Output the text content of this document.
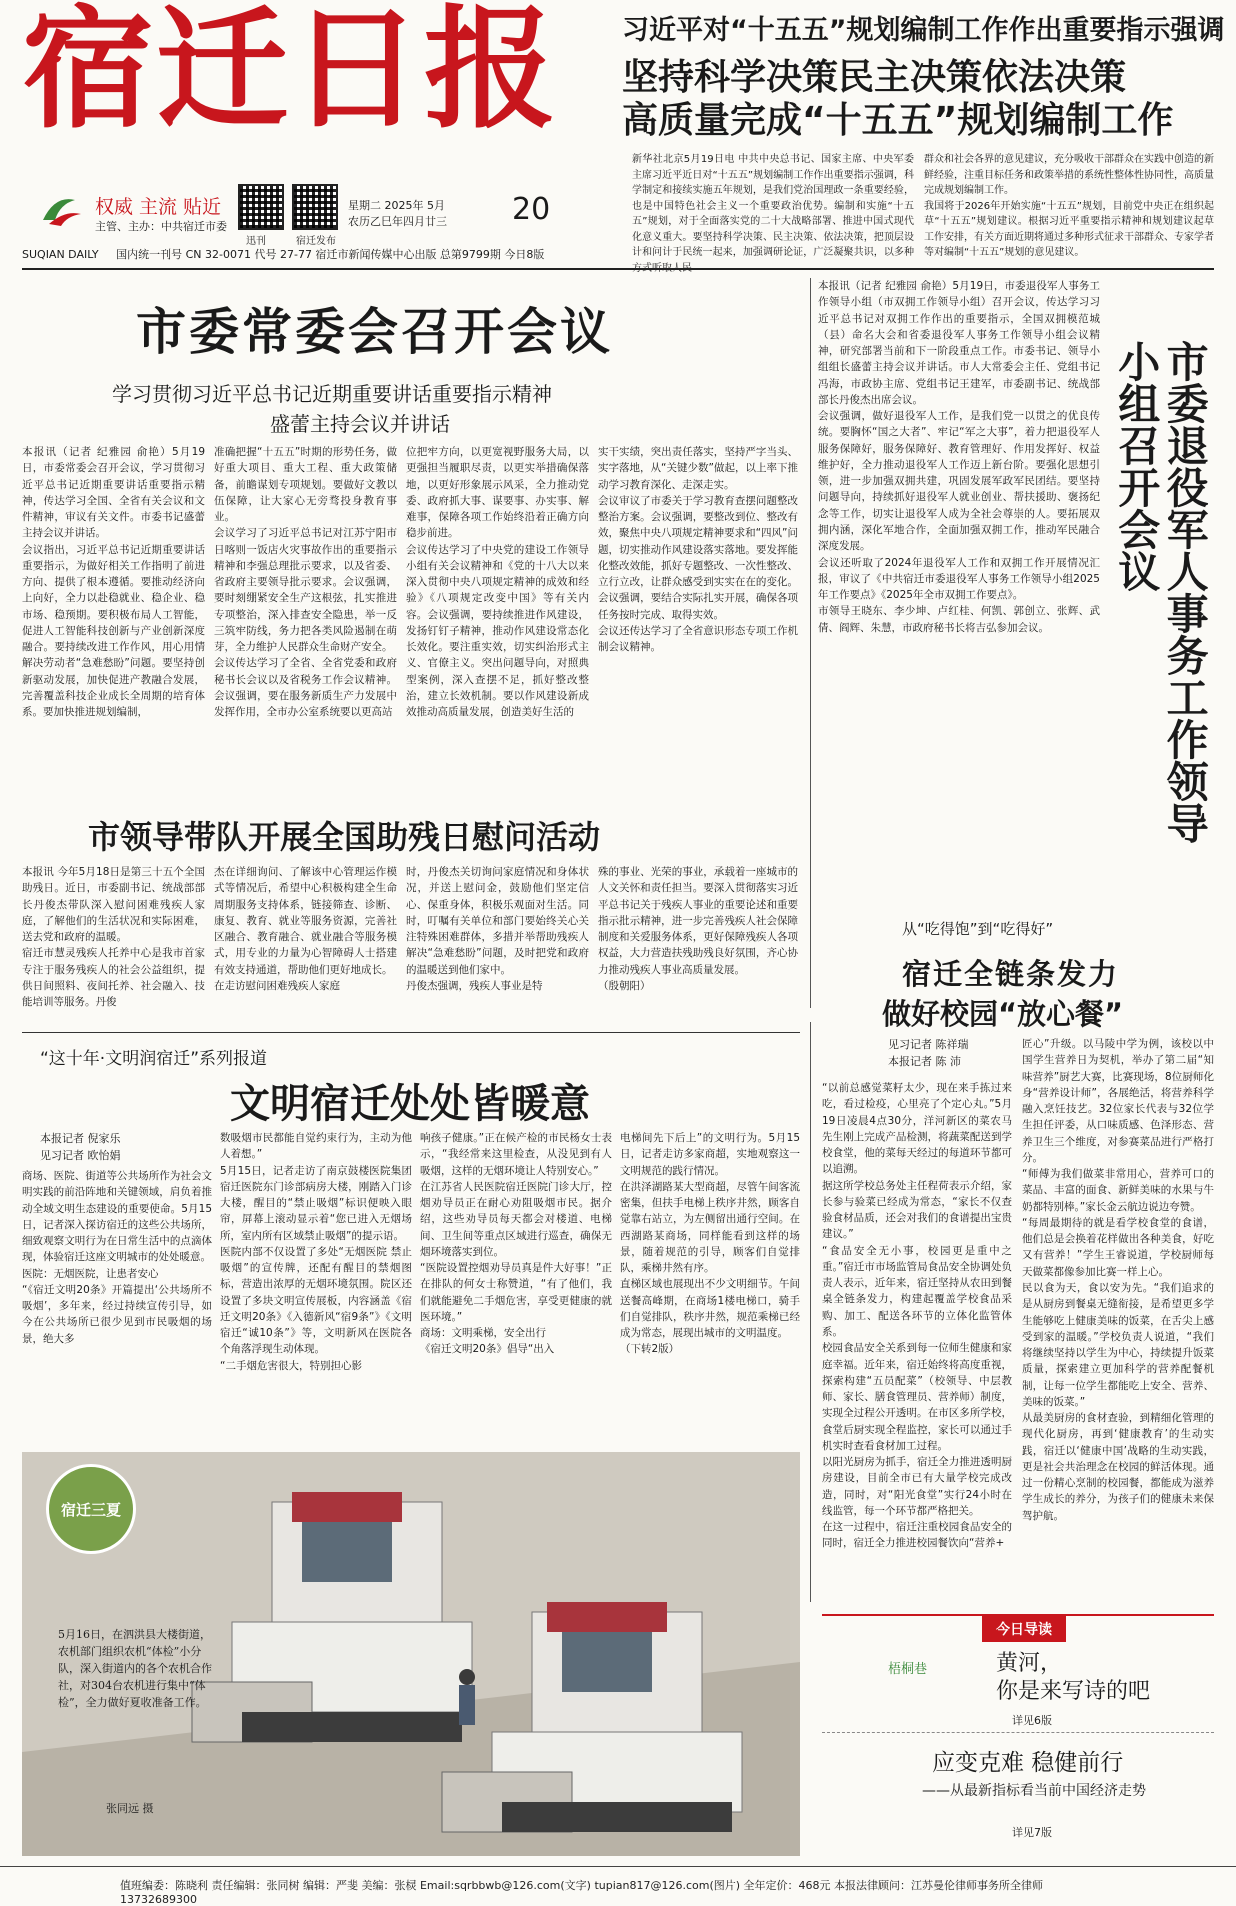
宿迁日报 习近平对“十五五”规划编制工作作出重要指示强调
坚持科学决策民主决策依法决策
高质量完成“十五五”规划编制工作
权威 主流 贴近
主管、主办：中共宿迁市委
迅刊	宿迁发布
星期二 2025年 5月
农历乙巳年四月廿三 20
SUQIAN DAILY 国内统一刊号 CN 32-0071 代号 27-77 宿迁市新闻传媒中心出版 总第9799期 今日8版
新华社北京5月19日电 中共中央总书记、国家主席、中央军委主席习近平近日对“十五五”规划编制工作作出重要指示强调，科学制定和接续实施五年规划，是我们党治国理政一条重要经验，也是中国特色社会主义一个重要政治优势。编制和实施“十五五”规划，对于全面落实党的二十大战略部署、推进中国式现代化意义重大。要坚持科学决策、民主决策、依法决策，把顶层设计和问计于民统一起来，加强调研论证，广泛凝聚共识，以多种方式听取人民
群众和社会各界的意见建议，充分吸收干部群众在实践中创造的新鲜经验，注重目标任务和政策举措的系统性整体性协同性，高质量完成规划编制工作。
我国将于2026年开始实施“十五五”规划，目前党中央正在组织起草“十五五”规划建议。根据习近平重要指示精神和规划建议起草工作安排，有关方面近期将通过多种形式征求干部群众、专家学者等对编制“十五五”规划的意见建议。
市委常委会召开会议
学习贯彻习近平总书记近期重要讲话重要指示精神
盛蕾主持会议并讲话
本报讯（记者 纪雅园 俞艳）5月19日，市委常委会召开会议，学习贯彻习近平总书记近期重要讲话重要指示精神，传达学习全国、全省有关会议和文件精神，审议有关文件。市委书记盛蕾主持会议并讲话。
会议指出，习近平总书记近期重要讲话重要指示，为做好相关工作指明了前进方向、提供了根本遵循。要推动经济向上向好，全力以赴稳就业、稳企业、稳市场、稳预期。要积极布局人工智能，促进人工智能科技创新与产业创新深度融合。要持续改进工作作风，用心用情解决劳动者“急难愁盼”问题。要坚持创新驱动发展，加快促进产教融合发展，完善覆盖科技企业成长全周期的培育体系。要加快推进规划编制，
准确把握“十五五”时期的形势任务，做好重大项目、重大工程、重大政策储备，前瞻谋划专项规划。要做好文教以伍保障，让大家心无旁骛投身教育事业。
会议学习了习近平总书记对江苏宁阳市日喀则一饭店火灾事故作出的重要指示精神和李强总理批示要求，以及省委、省政府主要领导批示要求。会议强调，要时刻绷紧安全生产这根弦，扎实推进专项整治，深入排查安全隐患，举一反三筑牢防线，务力把各类风险遏制在萌芽，全力维护人民群众生命财产安全。
会议传达学习了全省、全省党委和政府秘书长会议以及省税务工作会议精神。会议强调，要在服务新质生产力发展中发挥作用，全市办公室系统要以更高站
位把牢方向，以更宽视野服务大局，以更强担当履职尽责，以更实举措确保落地，以更好形象展示风采，全力推动党委、政府抓大事、谋要事、办实事、解难事，保障各项工作始终沿着正确方向稳步前进。
会议传达学习了中央党的建设工作领导小组有关会议精神和《党的十八大以来深入贯彻中央八项规定精神的成效和经验》《八项规定改变中国》等有关内容。会议强调，要持续推进作风建设，发扬钉钉子精神，推动作风建设常态化长效化。要注重实效，切实纠治形式主义、官僚主义。突出问题导向，对照典型案例，深入查摆不足，抓好整改整治，建立长效机制。要以作风建设新成效推动高质量发展，创造美好生活的
实干实绩，突出责任落实，坚持严字当头、实字落地，从“关键少数”做起，以上率下推动学习教育深化、走深走实。
会议审议了市委关于学习教育查摆问题整改整治方案。会议强调，要整改到位、整改有效，聚焦中央八项规定精神要求和“四风”问题，切实推动作风建设落实落地。要发挥能化整改效能，抓好专题整改、一次性整改、立行立改，让群众感受到实实在在的变化。会议强调，要结合实际扎实开展，确保各项任务按时完成、取得实效。
会议还传达学习了全省意识形态专项工作机制会议精神。
本报讯（记者 纪雅园 俞艳）5月19日，市委退役军人事务工作领导小组（市双拥工作领导小组）召开会议，传达学习习近平总书记对双拥工作作出的重要指示，全国双拥模范城（县）命名大会和省委退役军人事务工作领导小组会议精神，研究部署当前和下一阶段重点工作。市委书记、领导小组组长盛蕾主持会议并讲话。市人大常委会主任、党组书记冯海，市政协主席、党组书记王建军，市委副书记、统战部部长丹俊杰出席会议。
会议强调，做好退役军人工作，是我们党一以贯之的优良传统。要胸怀“国之大者”、牢记“军之大事”，着力把退役军人服务保障好，服务保障好、教育管理好、作用发挥好、权益维护好，全力推动退役军人工作迈上新台阶。要强化思想引领，进一步加强双拥共建，巩固发展军政军民团结。要坚持问题导向，持续抓好退役军人就业创业、帮扶援助、褒扬纪念等工作，切实让退役军人成为全社会尊崇的人。要拓展双拥内涵，深化军地合作，全面加强双拥工作，推动军民融合深度发展。
会议还听取了2024年退役军人工作和双拥工作开展情况汇报，审议了《中共宿迁市委退役军人事务工作领导小组2025年工作要点》《2025年全市双拥工作要点》。
市领导王晓东、李少坤、卢红桂、何凯、郭创立、张辉、武倩、阎辉、朱慧，市政府秘书长将吉弘参加会议。	市委退役军人事务工作领导小组召开会议
市领导带队开展全国助残日慰问活动
本报讯 今年5月18日是第三十五个全国助残日。近日，市委副书记、统战部部长丹俊杰带队深入慰问困难残疾人家庭，了解他们的生活状况和实际困难，送去党和政府的温暖。
宿迁市慧灵残疾人托养中心是我市首家专注于服务残疾人的社会公益组织，提供日间照料、夜间托养、社会融入、技能培训等服务。丹俊
杰在详细询问、了解该中心管理运作模式等情况后，希望中心积极构建全生命周期服务支持体系，链接筛查、诊断、康复、教育、就业等服务资源，完善社区融合、教育融合、就业融合等服务模式，用专业的力量为心智障碍人士搭建有效支持通道，帮助他们更好地成长。
在走访慰问困难残疾人家庭
时，丹俊杰关切询问家庭情况和身体状况，并送上慰问金，鼓励他们坚定信心、保重身体，积极乐观面对生活。同时，叮嘱有关单位和部门要始终关心关注特殊困难群体，多措并举帮助残疾人解决“急难愁盼”问题，及时把党和政府的温暖送到他们家中。
丹俊杰强调，残疾人事业是特
殊的事业、光荣的事业，承载着一座城市的人文关怀和责任担当。要深入贯彻落实习近平总书记关于残疾人事业的重要论述和重要指示批示精神，进一步完善残疾人社会保障制度和关爱服务体系，更好保障残疾人各项权益，大力营造扶残助残良好氛围，齐心协力推动残疾人事业高质量发展。
（殷朝阳）
“这十年·文明润宿迁”系列报道
文明宿迁处处皆暖意
本报记者 倪家乐
见习记者 欧怡娟
商场、医院、街道等公共场所作为社会文明实践的前沿阵地和关键领域，肩负着推动全域文明生态建设的重要使命。5月15日，记者深入探访宿迁的这些公共场所，细致观察文明行为在日常生活中的点滴体现，体验宿迁这座文明城市的处处暖意。
医院：无烟医院，让患者安心
“《宿迁文明20条》开篇提出‘公共场所不吸烟’，多年来，经过持续宣传引导，如今在公共场所已很少见到市民吸烟的场景，绝大多
数吸烟市民都能自觉约束行为，主动为他人着想。”
5月15日，记者走访了南京鼓楼医院集团宿迁医院东门诊部病房大楼，刚踏入门诊大楼，醒目的“禁止吸烟”标识便映入眼帘，屏幕上滚动显示着“您已进入无烟场所，室内所有区域禁止吸烟”的提示语。
医院内部不仅设置了多处“无烟医院 禁止吸烟”的宣传牌，还配有醒目的禁烟图标，营造出浓厚的无烟环境氛围。院区还设置了多块文明宣传展板，内容涵盖《宿迁文明20条》《入德新风“宿9条”》《文明宿迁“诚10条”》等，文明新风在医院各个角落浮现生动体现。
“二手烟危害很大，特别担心影
响孩子健康。”正在候产检的市民杨女士表示，“我经常来这里检查，从没见到有人吸烟，这样的无烟环境让人特别安心。”
在江苏省人民医院宿迁医院门诊大厅，控烟劝导员正在耐心劝阻吸烟市民。据介绍，这些劝导员每天都会对楼道、电梯间、卫生间等重点区域进行巡查，确保无烟环境落实到位。
“医院设置控烟劝导员真是件大好事！”正在排队的何女士称赞道，“有了他们，我们就能避免二手烟危害，享受更健康的就医环境。”
商场：文明乘梯，安全出行
《宿迁文明20条》倡导“出入
电梯间先下后上”的文明行为。5月15日，记者走访多家商超，实地观察这一文明规范的践行情况。
在洪泽湖路某大型商超，尽管午间客流密集，但扶手电梯上秩序井然，顾客自觉靠右站立，为左侧留出通行空间。在西湖路某商场，同样能看到这样的场景，随着规范的引导，顾客们自觉排队，乘梯井然有序。
直梯区域也展现出不少文明细节。午间送餐高峰期，在商场1楼电梯口，骑手们自觉排队，秩序井然，规范乘梯已经成为常态，展现出城市的文明温度。
（下转2版）
宿迁三夏
5月16日，在泗洪县大楼街道，农机部门组织农机“体检”小分队，深入街道内的各个农机合作社，对304台农机进行集中“体检”，全力做好夏收准备工作。
张同远 摄
从“吃得饱”到“吃得好”
宿迁全链条发力
做好校园“放心餐”
见习记者 陈祥瑞
本报记者 陈 沛
“以前总感觉菜籽太少，现在来手拣过来吃，看过检疫，心里亮了个定心丸。”5月19日凌晨4点30分，洋河新区的菜农马先生刚上完成产品检测，将蔬菜配送到学校食堂，他的菜每天经过的每道环节都可以追溯。
据这所学校总务处主任程荷表示介绍，家长参与验菜已经成为常态，“家长不仅查验食材品质，还会对我们的食谱提出宝贵建议。”
“食品安全无小事，校园更是重中之重。”宿迁市市场监管局食品安全协调处负责人表示，近年来，宿迁坚持从农田到餐桌全链条发力，构建起覆盖学校食品采购、加工、配送各环节的立体化监管体系。
校园食品安全关系到每一位师生健康和家庭幸福。近年来，宿迁始终将高度重视，探索构建“五员配菜”（校领导、中层教师、家长、膳食管理员、营养师）制度，实现全过程公开透明。在市区多所学校，食堂后厨实现全程监控，家长可以通过手机实时查看食材加工过程。
以阳光厨房为抓手，宿迁全力推进透明厨房建设，目前全市已有大量学校完成改造，同时，对“阳光食堂”实行24小时在线监管，每一个环节都严格把关。
在这一过程中，宿迁注重校园食品安全的同时，宿迁全力推进校园餐饮向“营养+
匠心”升级。以马陵中学为例，该校以中国学生营养日为契机，举办了第二届“知味营养”厨艺大赛，比赛现场，8位厨师化身“营养设计师”，各展绝活，将营养科学融入烹饪技艺。32位家长代表与32位学生担任评委，从口味质感、色泽形态、营养卫生三个维度，对参赛菜品进行严格打分。
“师傅为我们做菜非常用心，营养可口的菜品、丰富的面食、新鲜美味的水果与牛奶都特别棒。”家长金云航边说边夸赞。
“每周最期待的就是看学校食堂的食谱，他们总是会换着花样做出各种美食，好吃又有营养！”学生王睿说道，学校厨师每天做菜都像参加比赛一样上心。
民以食为天，食以安为先。“我们追求的是从厨房到餐桌无缝衔接，是希望更多学生能够吃上健康美味的饭菜，在舌尖上感受到家的温暖。”学校负责人说道，“我们将继续坚持以学生为中心，持续提升饭菜质量，探索建立更加科学的营养配餐机制，让每一位学生都能吃上安全、营养、美味的饭菜。”
从最美厨房的食材查验，到精细化管理的现代化厨房，再到‘健康教育’的生动实践，宿迁以‘健康中国’战略的生动实践，更是社会共治理念在校园的鲜活体现。通过一份精心烹制的校园餐，都能成为滋养学生成长的养分，为孩子们的健康未来保驾护航。
今日导读
梧桐巷	黄河，
你是来写诗的吧
详见6版
应变克难 稳健前行
——从最新指标看当前中国经济走势
详见7版
值班编委：陈晓利 责任编辑：张同树 编辑：严斐 美编：张棂 Email:sqrbbwb@126.com(文字) tupian817@126.com(图片) 全年定价：468元 本报法律顾问：江苏曼伦律师事务所全律师 13732689300
